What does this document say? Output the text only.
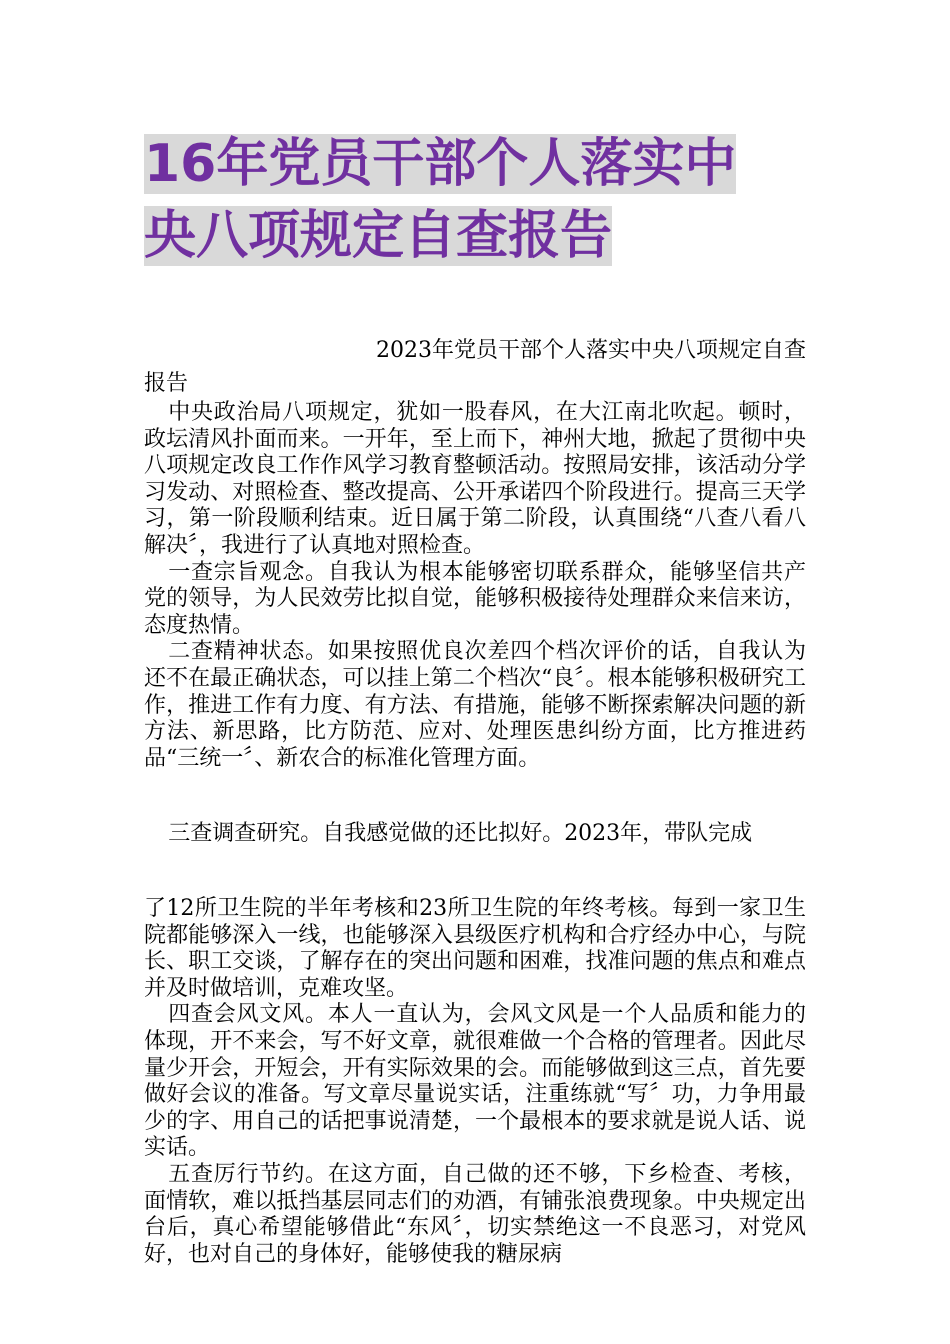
16年党员干部个人落实中
央八项规定自查报告
2023年党员干部个人落实中央八项规定自查
报告

中央政治局八项规定，犹如一股春风，在大江南北吹起。顿时，政坛清风扑面而来。一开年，至上而下，神州大地，掀起了贯彻中央八项规定改良工作作风学习教育整顿活动。按照局安排，该活动分学习发动、对照检查、整改提高、公开承诺四个阶段进行。提高三天学习，第一阶段顺利结束。近日属于第二阶段，认真围绕“八查八看八解决〞，我进行了认真地对照检查。

一查宗旨观念。自我认为根本能够密切联系群众，能够坚信共产党的领导，为人民效劳比拟自觉，能够积极接待处理群众来信来访，态度热情。

二查精神状态。如果按照优良次差四个档次评价的话，自我认为还不在最正确状态，可以挂上第二个档次“良〞。根本能够积极研究工作，推进工作有力度、有方法、有措施，能够不断探索解决问题的新方法、新思路，比方防范、应对、处理医患纠纷方面，比方推进药品“三统一〞、新农合的标准化管理方面。

三查调查研究。自我感觉做的还比拟好。2023年，带队完成

了12所卫生院的半年考核和23所卫生院的年终考核。每到一家卫生院都能够深入一线，也能够深入县级医疗机构和合疗经办中心，与院长、职工交谈，了解存在的突出问题和困难，找准问题的焦点和难点并及时做培训，克难攻坚。

四查会风文风。本人一直认为，会风文风是一个人品质和能力的体现，开不来会，写不好文章，就很难做一个合格的管理者。因此尽量少开会，开短会，开有实际效果的会。而能够做到这三点，首先要做好会议的准备。写文章尽量说实话，注重练就“写〞功，力争用最少的字、用自己的话把事说清楚，一个最根本的要求就是说人话、说实话。

五查厉行节约。在这方面，自己做的还不够，下乡检查、考核，面情软，难以抵挡基层同志们的劝酒，有铺张浪费现象。中央规定出台后，真心希望能够借此“东风〞，切实禁绝这一不良恶习，对党风好，也对自己的身体好，能够使我的糖尿病
